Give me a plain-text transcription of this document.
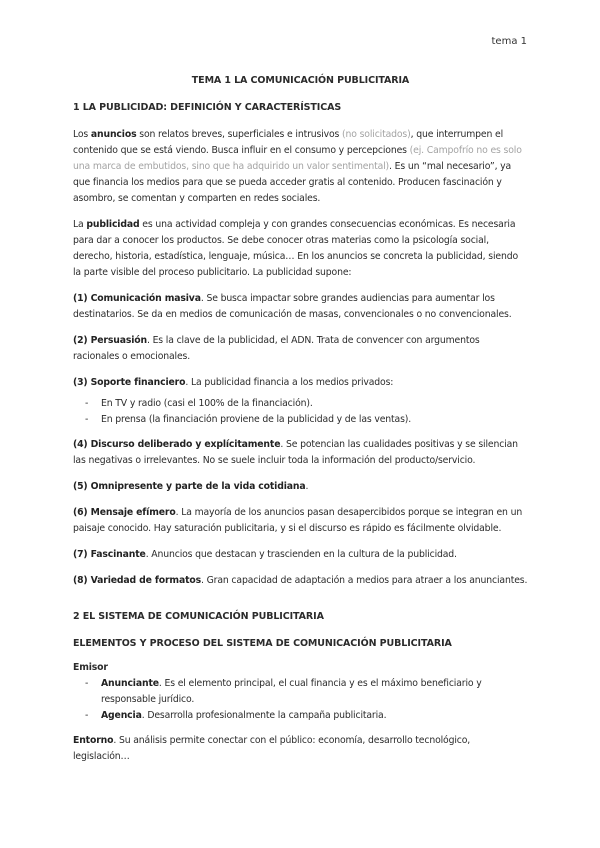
tema 1
TEMA 1 LA COMUNICACIÓN PUBLICITARIA
1 LA PUBLICIDAD: DEFINICIÓN Y CARACTERÍSTICAS

Los anuncios son relatos breves, superficiales e intrusivos (no solicitados), que interrumpen el contenido que se está viendo. Busca influir en el consumo y percepciones (ej. Campofrío no es solo una marca de embutidos, sino que ha adquirido un valor sentimental). Es un “mal necesario”, ya que financia los medios para que se pueda acceder gratis al contenido. Producen fascinación y asombro, se comentan y comparten en redes sociales.

La publicidad es una actividad compleja y con grandes consecuencias económicas. Es necesaria para dar a conocer los productos. Se debe conocer otras materias como la psicología social, derecho, historia, estadística, lenguaje, música… En los anuncios se concreta la publicidad, siendo la parte visible del proceso publicitario. La publicidad supone:

(1) Comunicación masiva. Se busca impactar sobre grandes audiencias para aumentar los destinatarios. Se da en medios de comunicación de masas, convencionales o no convencionales.

(2) Persuasión. Es la clave de la publicidad, el ADN. Trata de convencer con argumentos racionales o emocionales.

(3) Soporte financiero. La publicidad financia a los medios privados:

- En TV y radio (casi el 100% de la financiación).
- En prensa (la financiación proviene de la publicidad y de las ventas).

(4) Discurso deliberado y explícitamente. Se potencian las cualidades positivas y se silencian las negativas o irrelevantes. No se suele incluir toda la información del producto/servicio.

(5) Omnipresente y parte de la vida cotidiana.

(6) Mensaje efímero. La mayoría de los anuncios pasan desapercibidos porque se integran en un paisaje conocido. Hay saturación publicitaria, y si el discurso es rápido es fácilmente olvidable.

(7) Fascinante. Anuncios que destacan y trascienden en la cultura de la publicidad.

(8) Variedad de formatos. Gran capacidad de adaptación a medios para atraer a los anunciantes.

2 EL SISTEMA DE COMUNICACIÓN PUBLICITARIA
ELEMENTOS Y PROCESO DEL SISTEMA DE COMUNICACIÓN PUBLICITARIA

Emisor

- Anunciante. Es el elemento principal, el cual financia y es el máximo beneficiario y responsable jurídico.
- Agencia. Desarrolla profesionalmente la campaña publicitaria.

Entorno. Su análisis permite conectar con el público: economía, desarrollo tecnológico, legislación…
